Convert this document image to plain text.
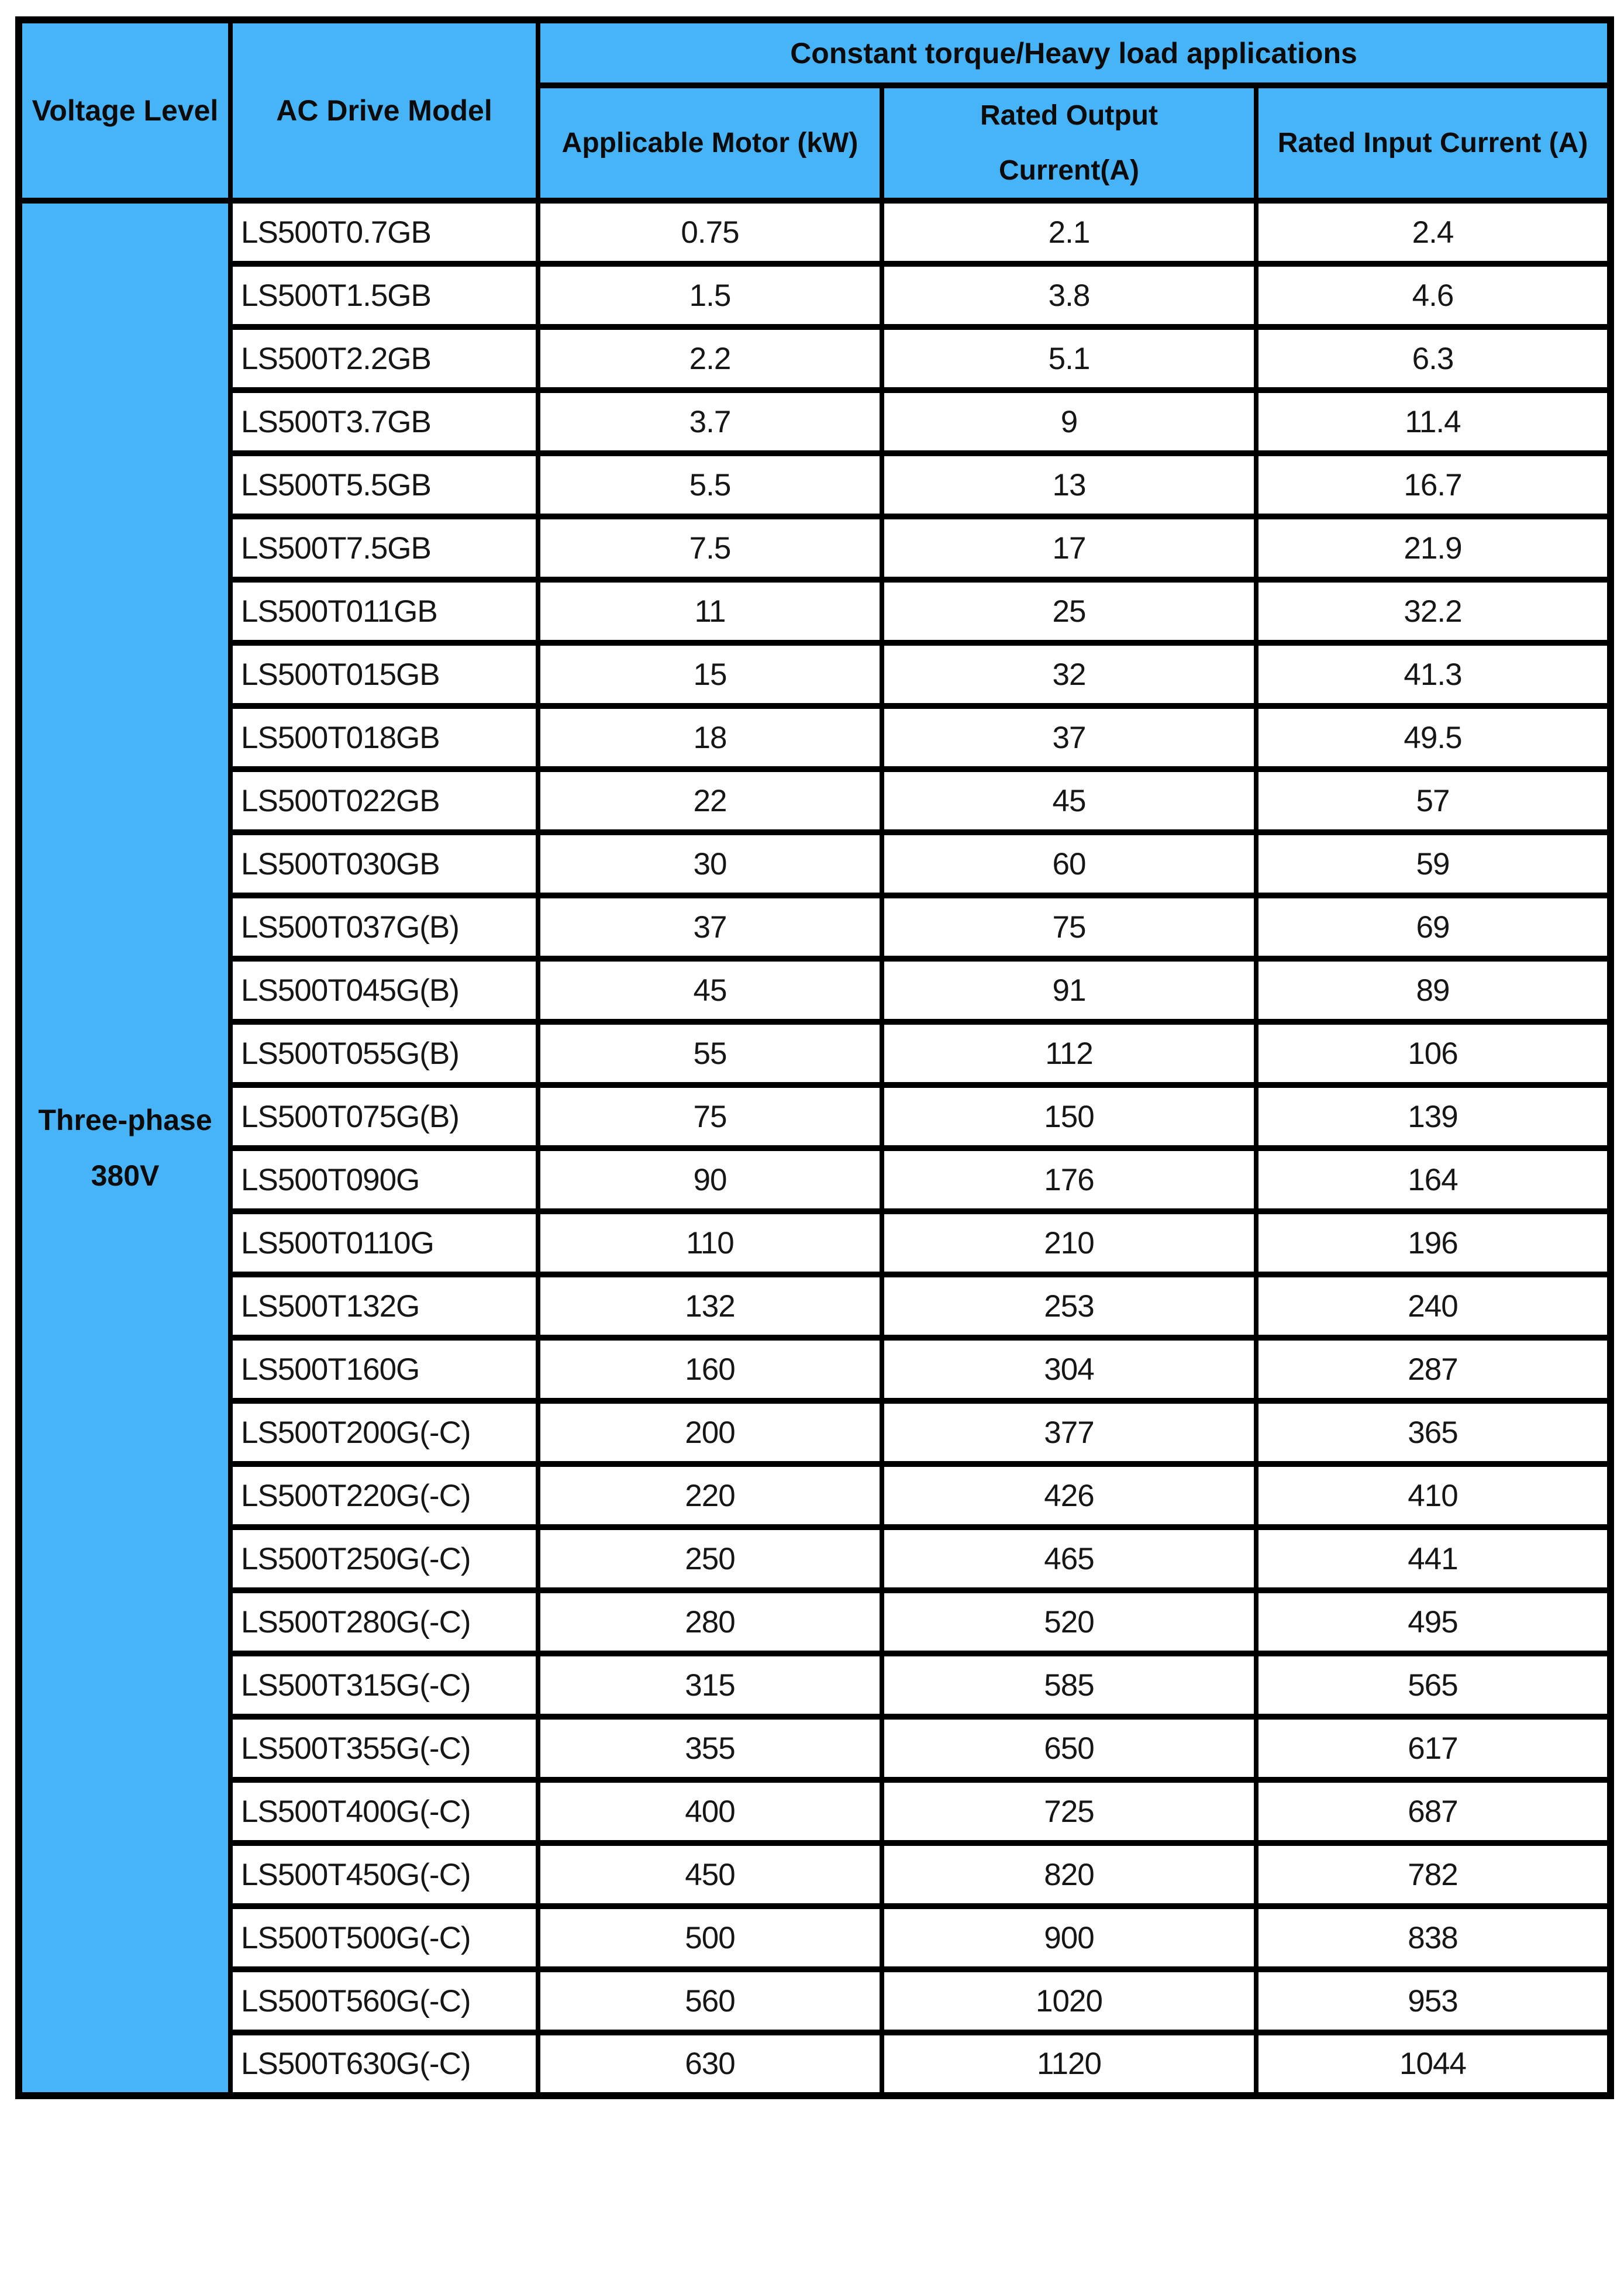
Voltage Level	AC Drive Model	Constant torque/Heavy load applications		
		Applicable Motor (kW)	Rated Output Current(A)	Rated Input Current (A)
Three-phase 380V	LS500T0.7GB	0.75	2.1	2.4
	LS500T1.5GB	1.5	3.8	4.6
	LS500T2.2GB	2.2	5.1	6.3
	LS500T3.7GB	3.7	9	11.4
	LS500T5.5GB	5.5	13	16.7
	LS500T7.5GB	7.5	17	21.9
	LS500T011GB	11	25	32.2
	LS500T015GB	15	32	41.3
	LS500T018GB	18	37	49.5
	LS500T022GB	22	45	57
	LS500T030GB	30	60	59
	LS500T037G(B)	37	75	69
	LS500T045G(B)	45	91	89
	LS500T055G(B)	55	112	106
	LS500T075G(B)	75	150	139
	LS500T090G	90	176	164
	LS500T0110G	110	210	196
	LS500T132G	132	253	240
	LS500T160G	160	304	287
	LS500T200G(-C)	200	377	365
	LS500T220G(-C)	220	426	410
	LS500T250G(-C)	250	465	441
	LS500T280G(-C)	280	520	495
	LS500T315G(-C)	315	585	565
	LS500T355G(-C)	355	650	617
	LS500T400G(-C)	400	725	687
	LS500T450G(-C)	450	820	782
	LS500T500G(-C)	500	900	838
	LS500T560G(-C)	560	1020	953
	LS500T630G(-C)	630	1120	1044
